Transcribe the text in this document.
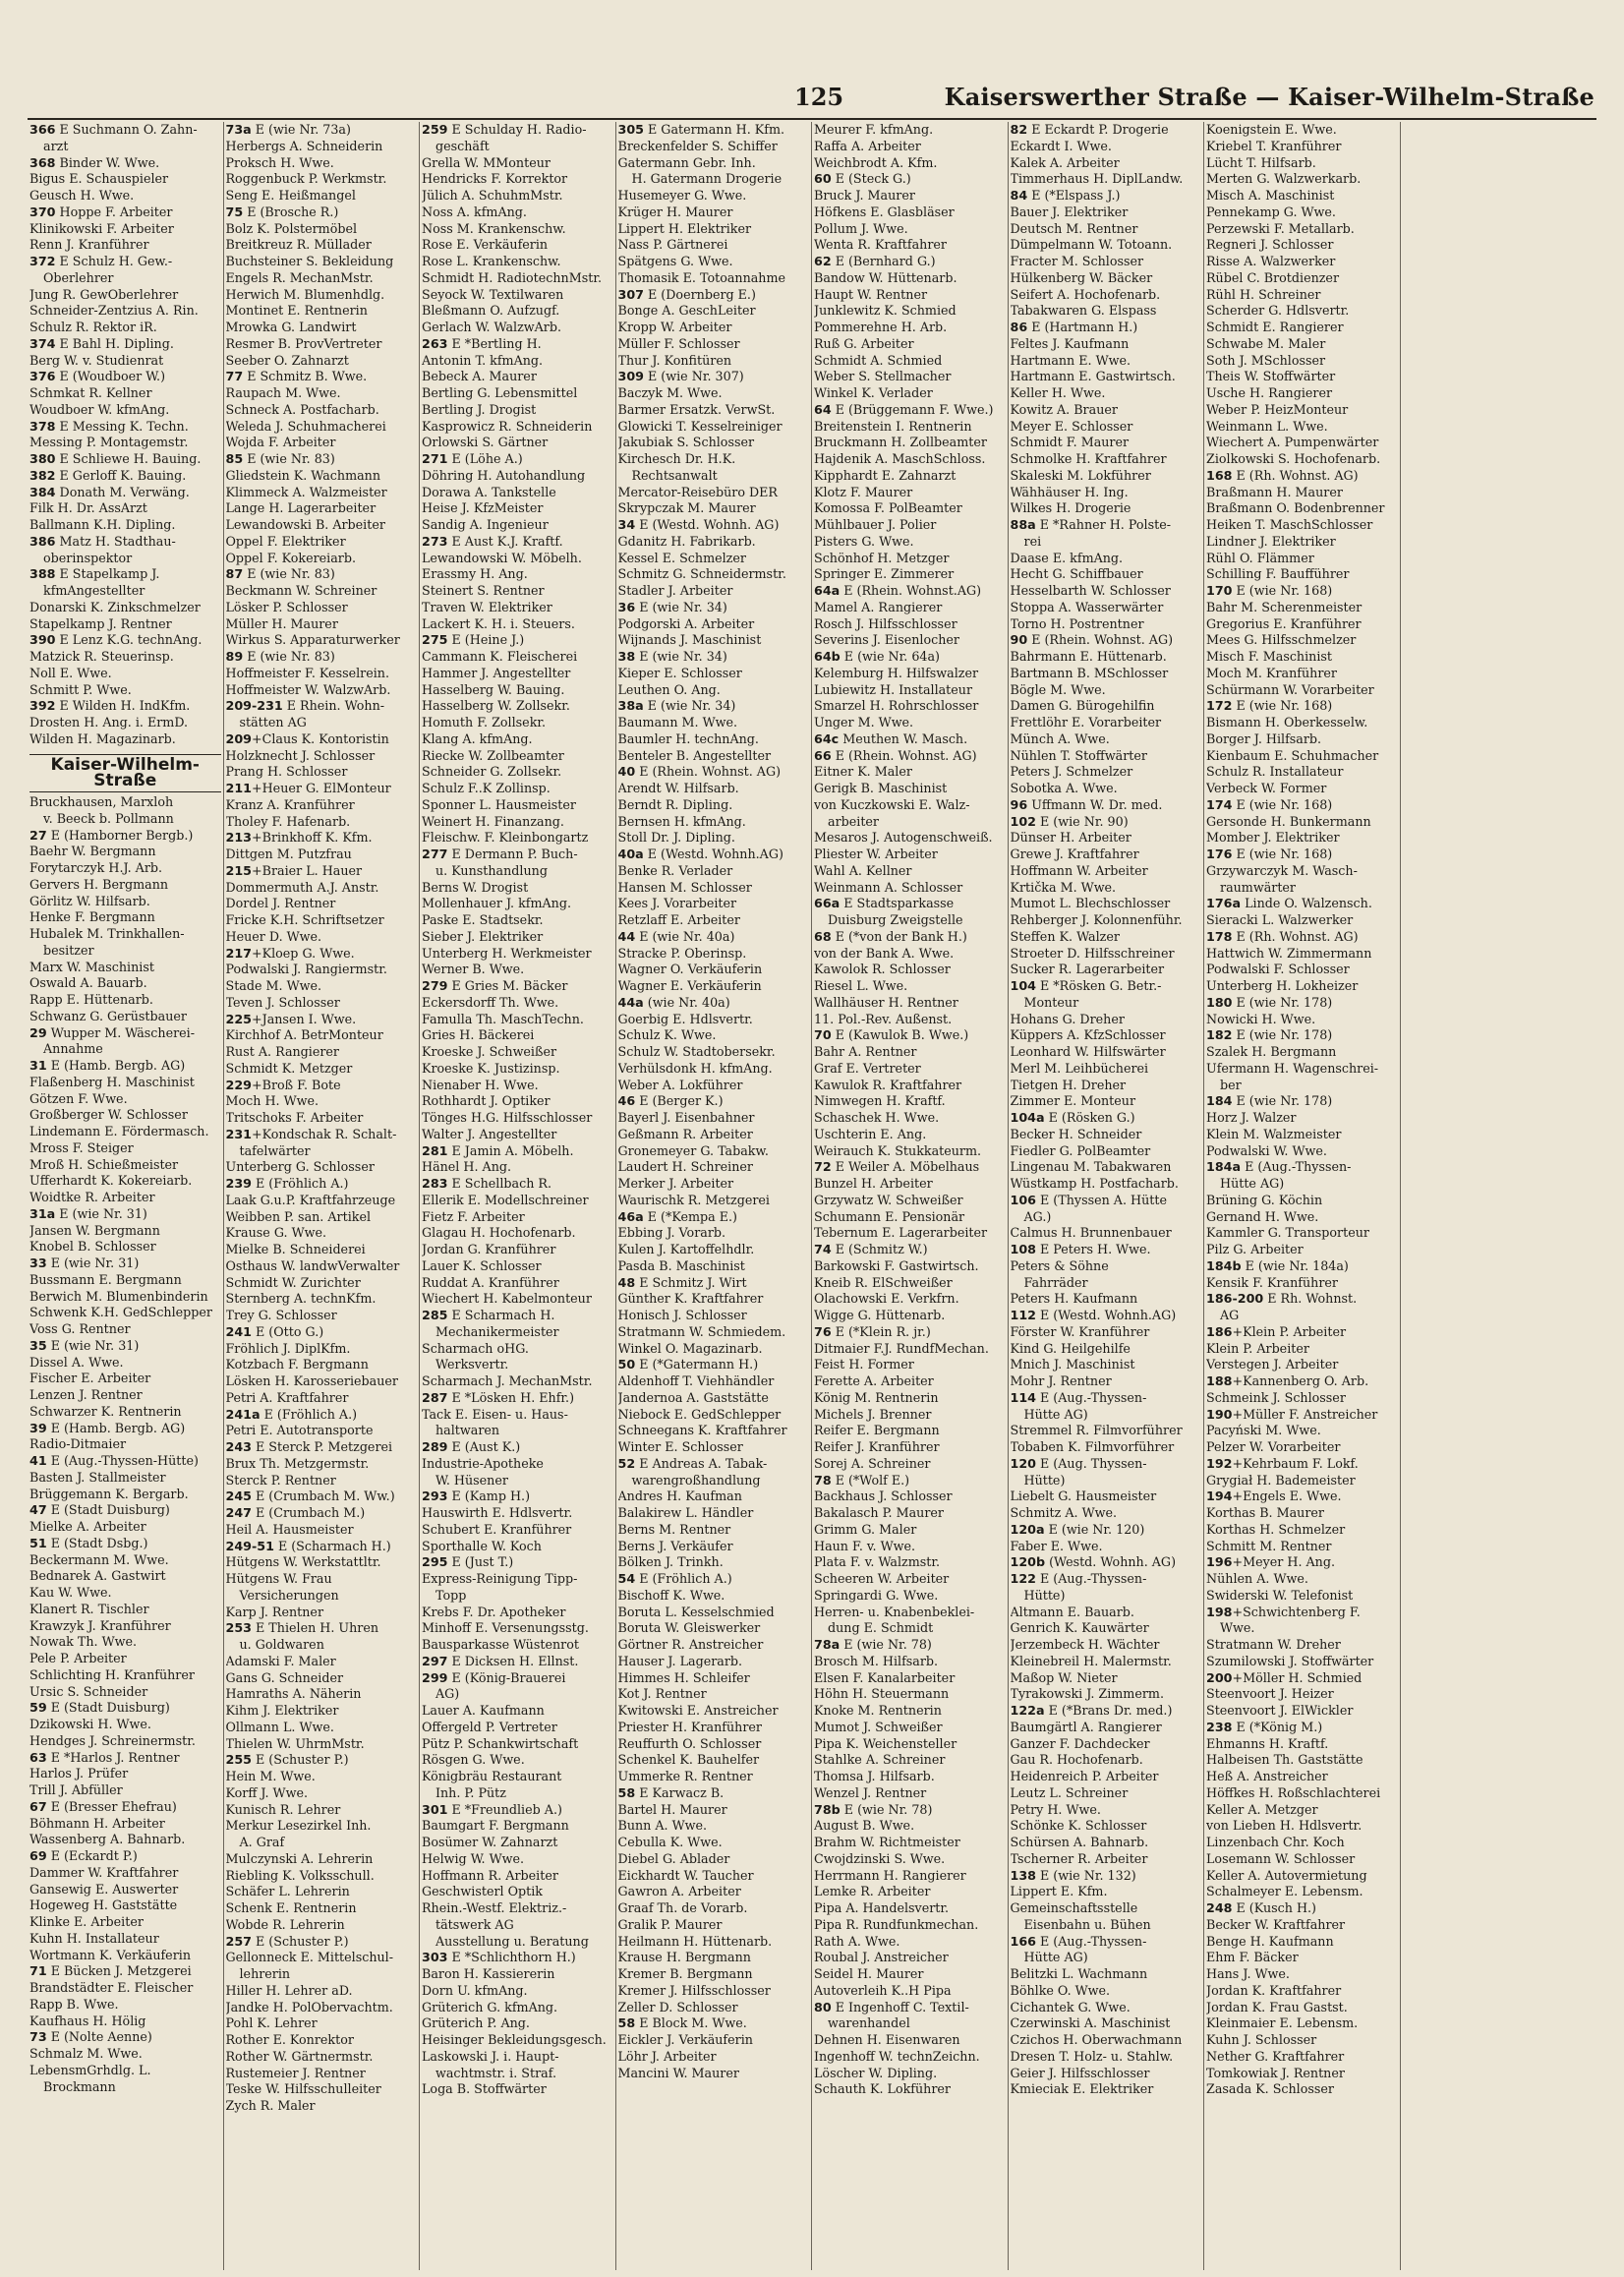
125	Kaiserswerther Straße — Kaiser-Wilhelm-Straße
366 E Suchmann O. Zahn-
arzt
368 Binder W. Wwe.
Bigus E. Schauspieler
Geusch H. Wwe.
370 Hoppe F. Arbeiter
Klinikowski F. Arbeiter
Renn J. Kranführer
372 E Schulz H. Gew.-
Oberlehrer
Jung R. GewOberlehrer
Schneider-Zentzius A. Rin.
Schulz R. Rektor iR.
374 E Bahl H. Dipling.
Berg W. v. Studienrat
376 E (Woudboer W.)
Schmkat R. Kellner
Woudboer W. kfmAng.
378 E Messing K. Techn.
Messing P. Montagemstr.
380 E Schliewe H. Bauing.
382 E Gerloff K. Bauing.
384 Donath M. Verwäng.
Filk H. Dr. AssArzt
Ballmann K.H. Dipling.
386 Matz H. Stadthau-
oberinspektor
388 E Stapelkamp J.
kfmAngestellter
Donarski K. Zinkschmelzer
Stapelkamp J. Rentner
390 E Lenz K.G. technAng.
Matzick R. Steuerinsp.
Noll E. Wwe.
Schmitt P. Wwe.
392 E Wilden H. IndKfm.
Drosten H. Ang. i. ErmD.
Wilden H. Magazinarb.
Kaiser-Wilhelm-Straße
Bruckhausen, Marxloh
v. Beeck b. Pollmann
27 E (Hamborner Bergb.)
Baehr W. Bergmann
Forytarczyk H.J. Arb.
Gervers H. Bergmann
Görlitz W. Hilfsarb.
Henke F. Bergmann
Hubalek M. Trinkhallen-
besitzer
Marx W. Maschinist
Oswald A. Bauarb.
Rapp E. Hüttenarb.
Schwanz G. Gerüstbauer
29 Wupper M. Wäscherei-
Annahme
31 E (Hamb. Bergb. AG)
Flaßenberg H. Maschinist
Götzen F. Wwe.
Großberger W. Schlosser
Lindemann E. Fördermasch.
Mross F. Steiger
Mroß H. Schießmeister
Ufferhardt K. Kokereiarb.
Woidtke R. Arbeiter
31a E (wie Nr. 31)
Jansen W. Bergmann
Knobel B. Schlosser
33 E (wie Nr. 31)
Bussmann E. Bergmann
Berwich M. Blumenbinderin
Schwenk K.H. GedSchlepper
Voss G. Rentner
35 E (wie Nr. 31)
Dissel A. Wwe.
Fischer E. Arbeiter
Lenzen J. Rentner
Schwarzer K. Rentnerin
39 E (Hamb. Bergb. AG)
Radio-Ditmaier
41 E (Aug.-Thyssen-Hütte)
Basten J. Stallmeister
Brüggemann K. Bergarb.
47 E (Stadt Duisburg)
Mielke A. Arbeiter
51 E (Stadt Dsbg.)
Beckermann M. Wwe.
Bednarek A. Gastwirt
Kau W. Wwe.
Klanert R. Tischler
Krawzyk J. Kranführer
Nowak Th. Wwe.
Pele P. Arbeiter
Schlichting H. Kranführer
Ursic S. Schneider
59 E (Stadt Duisburg)
Dzikowski H. Wwe.
Hendges J. Schreinermstr.
63 E *Harlos J. Rentner
Harlos J. Prüfer
Trill J. Abfüller
67 E (Bresser Ehefrau)
Böhmann H. Arbeiter
Wassenberg A. Bahnarb.
69 E (Eckardt P.)
Dammer W. Kraftfahrer
Gansewig E. Auswerter
Hogeweg H. Gaststätte
Klinke E. Arbeiter
Kuhn H. Installateur
Wortmann K. Verkäuferin
71 E Bücken J. Metzgerei
Brandstädter E. Fleischer
Rapp B. Wwe.
Kaufhaus H. Hölig
73 E (Nolte Aenne)
Schmalz M. Wwe.
LebensmGrhdlg. L.
Brockmann
73a E (wie Nr. 73a)
Herbergs A. Schneiderin
Proksch H. Wwe.
Roggenbuck P. Werkmstr.
Seng E. Heißmangel
75 E (Brosche R.)
Bolz K. Polstermöbel
Breitkreuz R. Müllader
Buchsteiner S. Bekleidung
Engels R. MechanMstr.
Herwich M. Blumenhdlg.
Montinet E. Rentnerin
Mrowka G. Landwirt
Resmer B. ProvVertreter
Seeber O. Zahnarzt
77 E Schmitz B. Wwe.
Raupach M. Wwe.
Schneck A. Postfacharb.
Weleda J. Schuhmacherei
Wojda F. Arbeiter
85 E (wie Nr. 83)
Gliedstein K. Wachmann
Klimmeck A. Walzmeister
Lange H. Lagerarbeiter
Lewandowski B. Arbeiter
Oppel F. Elektriker
Oppel F. Kokereiarb.
87 E (wie Nr. 83)
Beckmann W. Schreiner
Lösker P. Schlosser
Müller H. Maurer
Wirkus S. Apparaturwerker
89 E (wie Nr. 83)
Hoffmeister F. Kesselrein.
Hoffmeister W. WalzwArb.
209-231 E Rhein. Wohn-
stätten AG
209+Claus K. Kontoristin
Holzknecht J. Schlosser
Prang H. Schlosser
211+Heuer G. ElMonteur
Kranz A. Kranführer
Tholey F. Hafenarb.
213+Brinkhoff K. Kfm.
Dittgen M. Putzfrau
215+Braier L. Hauer
Dommermuth A.J. Anstr.
Dordel J. Rentner
Fricke K.H. Schriftsetzer
Heuer D. Wwe.
217+Kloep G. Wwe.
Podwalski J. Rangiermstr.
Stade M. Wwe.
Teven J. Schlosser
225+Jansen I. Wwe.
Kirchhof A. BetrMonteur
Rust A. Rangierer
Schmidt K. Metzger
229+Broß F. Bote
Moch H. Wwe.
Tritschoks F. Arbeiter
231+Kondschak R. Schalt-
tafelwärter
Unterberg G. Schlosser
239 E (Fröhlich A.)
Laak G.u.P. Kraftfahrzeuge
Weibben P. san. Artikel
Krause G. Wwe.
Mielke B. Schneiderei
Osthaus W. landwVerwalter
Schmidt W. Zurichter
Sternberg A. technKfm.
Trey G. Schlosser
241 E (Otto G.)
Fröhlich J. DiplKfm.
Kotzbach F. Bergmann
Lösken H. Karosseriebauer
Petri A. Kraftfahrer
241a E (Fröhlich A.)
Petri E. Autotransporte
243 E Sterck P. Metzgerei
Brux Th. Metzgermstr.
Sterck P. Rentner
245 E (Crumbach M. Ww.)
247 E (Crumbach M.)
Heil A. Hausmeister
249-51 E (Scharmach H.)
Hütgens W. Werkstattltr.
Hütgens W. Frau
Versicherungen
Karp J. Rentner
253 E Thielen H. Uhren
u. Goldwaren
Adamski F. Maler
Gans G. Schneider
Hamraths A. Näherin
Kihm J. Elektriker
Ollmann L. Wwe.
Thielen W. UhrmMstr.
255 E (Schuster P.)
Hein M. Wwe.
Korff J. Wwe.
Kunisch R. Lehrer
Merkur Lesezirkel Inh.
A. Graf
Mulczynski A. Lehrerin
Riebling K. Volksschull.
Schäfer L. Lehrerin
Schenk E. Rentnerin
Wobde R. Lehrerin
257 E (Schuster P.)
Gellonneck E. Mittelschul-
lehrerin
Hiller H. Lehrer aD.
Jandke H. PolObervachtm.
Pohl K. Lehrer
Rother E. Konrektor
Rother W. Gärtnermstr.
Rustemeier J. Rentner
Teske W. Hilfsschulleiter
Zych R. Maler
259 E Schulday H. Radio-
geschäft
Grella W. MMonteur
Hendricks F. Korrektor
Jülich A. SchuhmMstr.
Noss A. kfmAng.
Noss M. Krankenschw.
Rose E. Verkäuferin
Rose L. Krankenschw.
Schmidt H. RadiotechnMstr.
Seyock W. Textilwaren
Bleßmann O. Aufzugf.
Gerlach W. WalzwArb.
263 E *Bertling H.
Antonin T. kfmAng.
Bebeck A. Maurer
Bertling G. Lebensmittel
Bertling J. Drogist
Kasprowicz R. Schneiderin
Orlowski S. Gärtner
271 E (Löhe A.)
Döhring H. Autohandlung
Dorawa A. Tankstelle
Heise J. KfzMeister
Sandig A. Ingenieur
273 E Aust K.J. Kraftf.
Lewandowski W. Möbelh.
Erassmy H. Ang.
Steinert S. Rentner
Traven W. Elektriker
Lackert K. H. i. Steuers.
275 E (Heine J.)
Cammann K. Fleischerei
Hammer J. Angestellter
Hasselberg W. Bauing.
Hasselberg W. Zollsekr.
Homuth F. Zollsekr.
Klang A. kfmAng.
Riecke W. Zollbeamter
Schneider G. Zollsekr.
Schulz F..K Zollinsp.
Sponner L. Hausmeister
Weinert H. Finanzang.
Fleischw. F. Kleinbongartz
277 E Dermann P. Buch-
u. Kunsthandlung
Berns W. Drogist
Mollenhauer J. kfmAng.
Paske E. Stadtsekr.
Sieber J. Elektriker
Unterberg H. Werkmeister
Werner B. Wwe.
279 E Gries M. Bäcker
Eckersdorff Th. Wwe.
Famulla Th. MaschTechn.
Gries H. Bäckerei
Kroeske J. Schweißer
Kroeske K. Justizinsp.
Nienaber H. Wwe.
Rothhardt J. Optiker
Tönges H.G. Hilfsschlosser
Walter J. Angestellter
281 E Jamin A. Möbelh.
Hänel H. Ang.
283 E Schellbach R.
Ellerik E. Modellschreiner
Fietz F. Arbeiter
Glagau H. Hochofenarb.
Jordan G. Kranführer
Lauer K. Schlosser
Ruddat A. Kranführer
Wiechert H. Kabelmonteur
285 E Scharmach H.
Mechanikermeister
Scharmach oHG.
Werksvertr.
Scharmach J. MechanMstr.
287 E *Lösken H. Ehfr.)
Tack E. Eisen- u. Haus-
haltwaren
289 E (Aust K.)
Industrie-Apotheke
W. Hüsener
293 E (Kamp H.)
Hauswirth E. Hdlsvertr.
Schubert E. Kranführer
Sporthalle W. Koch
295 E (Just T.)
Express-Reinigung Tipp-
Topp
Krebs F. Dr. Apotheker
Minhoff E. Versenungsstg.
Bausparkasse Wüstenrot
297 E Dicksen H. Ellnst.
299 E (König-Brauerei
AG)
Lauer A. Kaufmann
Offergeld P. Vertreter
Pütz P. Schankwirtschaft
Rösgen G. Wwe.
Königbräu Restaurant
Inh. P. Pütz
301 E *Freundlieb A.)
Baumgart F. Bergmann
Bosümer W. Zahnarzt
Helwig W. Wwe.
Hoffmann R. Arbeiter
Geschwisterl Optik
Rhein.-Westf. Elektriz.-
tätswerk AG
Ausstellung u. Beratung
303 E *Schlichthorn H.)
Baron H. Kassiererin
Dorn U. kfmAng.
Grüterich G. kfmAng.
Grüterich P. Ang.
Heisinger Bekleidungsgesch.
Laskowski J. i. Haupt-
wachtmstr. i. Straf.
Loga B. Stoffwärter
305 E Gatermann H. Kfm.
Breckenfelder S. Schiffer
Gatermann Gebr. Inh.
H. Gatermann Drogerie
Husemeyer G. Wwe.
Krüger H. Maurer
Lippert H. Elektriker
Nass P. Gärtnerei
Spätgens G. Wwe.
Thomasik E. Totoannahme
307 E (Doernberg E.)
Bonge A. GeschLeiter
Kropp W. Arbeiter
Müller F. Schlosser
Thur J. Konfitüren
309 E (wie Nr. 307)
Baczyk M. Wwe.
Barmer Ersatzk. VerwSt.
Glowicki T. Kesselreiniger
Jakubiak S. Schlosser
Kirchesch Dr. H.K.
Rechtsanwalt
Mercator-Reisebüro DER
Skrypczak M. Maurer
34 E (Westd. Wohnh. AG)
Gdanitz H. Fabrikarb.
Kessel E. Schmelzer
Schmitz G. Schneidermstr.
Stadler J. Arbeiter
36 E (wie Nr. 34)
Podgorski A. Arbeiter
Wijnands J. Maschinist
38 E (wie Nr. 34)
Kieper E. Schlosser
Leuthen O. Ang.
38a E (wie Nr. 34)
Baumann M. Wwe.
Baumler H. technAng.
Benteler B. Angestellter
40 E (Rhein. Wohnst. AG)
Arendt W. Hilfsarb.
Berndt R. Dipling.
Bernsen H. kfmAng.
Stoll Dr. J. Dipling.
40a E (Westd. Wohnh.AG)
Benke R. Verlader
Hansen M. Schlosser
Kees J. Vorarbeiter
Retzlaff E. Arbeiter
44 E (wie Nr. 40a)
Stracke P. Oberinsp.
Wagner O. Verkäuferin
Wagner E. Verkäuferin
44a (wie Nr. 40a)
Goerbig E. Hdlsvertr.
Schulz K. Wwe.
Schulz W. Stadtobersekr.
Verhülsdonk H. kfmAng.
Weber A. Lokführer
46 E (Berger K.)
Bayerl J. Eisenbahner
Geßmann R. Arbeiter
Gronemeyer G. Tabakw.
Laudert H. Schreiner
Merker J. Arbeiter
Waurischk R. Metzgerei
46a E (*Kempa E.)
Ebbing J. Vorarb.
Kulen J. Kartoffelhdlr.
Pasda B. Maschinist
48 E Schmitz J. Wirt
Günther K. Kraftfahrer
Honisch J. Schlosser
Stratmann W. Schmiedem.
Winkel O. Magazinarb.
50 E (*Gatermann H.)
Aldenhoff T. Viehhändler
Jandernoa A. Gaststätte
Niebock E. GedSchlepper
Schneegans K. Kraftfahrer
Winter E. Schlosser
52 E Andreas A. Tabak-
warengroßhandlung
Andres H. Kaufman
Balakirew L. Händler
Berns M. Rentner
Berns J. Verkäufer
Bölken J. Trinkh.
54 E (Fröhlich A.)
Bischoff K. Wwe.
Boruta L. Kesselschmied
Boruta W. Gleiswerker
Görtner R. Anstreicher
Hauser J. Lagerarb.
Himmes H. Schleifer
Kot J. Rentner
Kwitowski E. Anstreicher
Priester H. Kranführer
Reuffurth O. Schlosser
Schenkel K. Bauhelfer
Ummerke R. Rentner
58 E Karwacz B.
Bartel H. Maurer
Bunn A. Wwe.
Cebulla K. Wwe.
Diebel G. Ablader
Eickhardt W. Taucher
Gawron A. Arbeiter
Graaf Th. de Vorarb.
Gralik P. Maurer
Heilmann H. Hüttenarb.
Krause H. Bergmann
Kremer B. Bergmann
Kremer J. Hilfsschlosser
Zeller D. Schlosser
58 E Block M. Wwe.
Eickler J. Verkäuferin
Löhr J. Arbeiter
Mancini W. Maurer
Meurer F. kfmAng.
Raffa A. Arbeiter
Weichbrodt A. Kfm.
60 E (Steck G.)
Bruck J. Maurer
Höfkens E. Glasbläser
Pollum J. Wwe.
Wenta R. Kraftfahrer
62 E (Bernhard G.)
Bandow W. Hüttenarb.
Haupt W. Rentner
Junklewitz K. Schmied
Pommerehne H. Arb.
Ruß G. Arbeiter
Schmidt A. Schmied
Weber S. Stellmacher
Winkel K. Verlader
64 E (Brüggemann F. Wwe.)
Breitenstein I. Rentnerin
Bruckmann H. Zollbeamter
Hajdenik A. MaschSchloss.
Kipphardt E. Zahnarzt
Klotz F. Maurer
Komossa F. PolBeamter
Mühlbauer J. Polier
Pisters G. Wwe.
Schönhof H. Metzger
Springer E. Zimmerer
64a E (Rhein. Wohnst.AG)
Mamel A. Rangierer
Rosch J. Hilfsschlosser
Severins J. Eisenlocher
64b E (wie Nr. 64a)
Kelemburg H. Hilfswalzer
Lubiewitz H. Installateur
Smarzel H. Rohrschlosser
Unger M. Wwe.
64c Meuthen W. Masch.
66 E (Rhein. Wohnst. AG)
Eitner K. Maler
Gerigk B. Maschinist
von Kuczkowski E. Walz-
arbeiter
Mesaros J. Autogenschweiß.
Pliester W. Arbeiter
Wahl A. Kellner
Weinmann A. Schlosser
66a E Stadtsparkasse
Duisburg Zweigstelle
68 E (*von der Bank H.)
von der Bank A. Wwe.
Kawolok R. Schlosser
Riesel L. Wwe.
Wallhäuser H. Rentner
11. Pol.-Rev. Außenst.
70 E (Kawulok B. Wwe.)
Bahr A. Rentner
Graf E. Vertreter
Kawulok R. Kraftfahrer
Nimwegen H. Kraftf.
Schaschek H. Wwe.
Uschterin E. Ang.
Weirauch K. Stukkateurm.
72 E Weiler A. Möbelhaus
Bunzel H. Arbeiter
Grzywatz W. Schweißer
Schumann E. Pensionär
Tebernum E. Lagerarbeiter
74 E (Schmitz W.)
Barkowski F. Gastwirtsch.
Kneib R. ElSchweißer
Olachowski E. Verkfrn.
Wigge G. Hüttenarb.
76 E (*Klein R. jr.)
Ditmaier F.J. RundfMechan.
Feist H. Former
Ferette A. Arbeiter
König M. Rentnerin
Michels J. Brenner
Reifer E. Bergmann
Reifer J. Kranführer
Sorej A. Schreiner
78 E (*Wolf E.)
Backhaus J. Schlosser
Bakalasch P. Maurer
Grimm G. Maler
Haun F. v. Wwe.
Plata F. v. Walzmstr.
Scheeren W. Arbeiter
Springardi G. Wwe.
Herren- u. Knabenbeklei-
dung E. Schmidt
78a E (wie Nr. 78)
Brosch M. Hilfsarb.
Elsen F. Kanalarbeiter
Höhn H. Steuermann
Knoke M. Rentnerin
Mumot J. Schweißer
Pipa K. Weichensteller
Stahlke A. Schreiner
Thomsa J. Hilfsarb.
Wenzel J. Rentner
78b E (wie Nr. 78)
August B. Wwe.
Brahm W. Richtmeister
Cwojdzinski S. Wwe.
Herrmann H. Rangierer
Lemke R. Arbeiter
Pipa A. Handelsvertr.
Pipa R. Rundfunkmechan.
Rath A. Wwe.
Roubal J. Anstreicher
Seidel H. Maurer
Autoverleih K..H Pipa
80 E Ingenhoff C. Textil-
warenhandel
Dehnen H. Eisenwaren
Ingenhoff W. technZeichn.
Löscher W. Dipling.
Schauth K. Lokführer
82 E Eckardt P. Drogerie
Eckardt I. Wwe.
Kalek A. Arbeiter
Timmerhaus H. DiplLandw.
84 E (*Elspass J.)
Bauer J. Elektriker
Deutsch M. Rentner
Dümpelmann W. Totoann.
Fracter M. Schlosser
Hülkenberg W. Bäcker
Seifert A. Hochofenarb.
Tabakwaren G. Elspass
86 E (Hartmann H.)
Feltes J. Kaufmann
Hartmann E. Wwe.
Hartmann E. Gastwirtsch.
Keller H. Wwe.
Kowitz A. Brauer
Meyer E. Schlosser
Schmidt F. Maurer
Schmolke H. Kraftfahrer
Skaleski M. Lokführer
Wähhäuser H. Ing.
Wilkes H. Drogerie
88a E *Rahner H. Polste-
rei
Daase E. kfmAng.
Hecht G. Schiffbauer
Hesselbarth W. Schlosser
Stoppa A. Wasserwärter
Torno H. Postrentner
90 E (Rhein. Wohnst. AG)
Bahrmann E. Hüttenarb.
Bartmann B. MSchlosser
Bögle M. Wwe.
Damen G. Bürogehilfin
Frettlöhr E. Vorarbeiter
Münch A. Wwe.
Nühlen T. Stoffwärter
Peters J. Schmelzer
Sobotka A. Wwe.
96 Uffmann W. Dr. med.
102 E (wie Nr. 90)
Dünser H. Arbeiter
Grewe J. Kraftfahrer
Hoffmann W. Arbeiter
Krtička M. Wwe.
Mumot L. Blechschlosser
Rehberger J. Kolonnenführ.
Steffen K. Walzer
Stroeter D. Hilfsschreiner
Sucker R. Lagerarbeiter
104 E *Rösken G. Betr.-
Monteur
Hohans G. Dreher
Küppers A. KfzSchlosser
Leonhard W. Hilfswärter
Merl M. Leihbücherei
Tietgen H. Dreher
Zimmer E. Monteur
104a E (Rösken G.)
Becker H. Schneider
Fiedler G. PolBeamter
Lingenau M. Tabakwaren
Wüstkamp H. Postfacharb.
106 E (Thyssen A. Hütte
AG.)
Calmus H. Brunnenbauer
108 E Peters H. Wwe.
Peters & Söhne
Fahrräder
Peters H. Kaufmann
112 E (Westd. Wohnh.AG)
Förster W. Kranführer
Kind G. Heilgehilfe
Mnich J. Maschinist
Mohr J. Rentner
114 E (Aug.-Thyssen-
Hütte AG)
Stremmel R. Filmvorführer
Tobaben K. Filmvorführer
120 E (Aug. Thyssen-
Hütte)
Liebelt G. Hausmeister
Schmitz A. Wwe.
120a E (wie Nr. 120)
Faber E. Wwe.
120b (Westd. Wohnh. AG)
122 E (Aug.-Thyssen-
Hütte)
Altmann E. Bauarb.
Genrich K. Kauwärter
Jerzembeck H. Wächter
Kleinebreil H. Malermstr.
Maßop W. Nieter
Tyrakowski J. Zimmerm.
122a E (*Brans Dr. med.)
Baumgärtl A. Rangierer
Ganzer F. Dachdecker
Gau R. Hochofenarb.
Heidenreich P. Arbeiter
Leutz L. Schreiner
Petry H. Wwe.
Schönke K. Schlosser
Schürsen A. Bahnarb.
Tscherner R. Arbeiter
138 E (wie Nr. 132)
Lippert E. Kfm.
Gemeinschaftsstelle
Eisenbahn u. Bühen
166 E (Aug.-Thyssen-
Hütte AG)
Belitzki L. Wachmann
Böhlke O. Wwe.
Cichantek G. Wwe.
Czerwinski A. Maschinist
Czichos H. Oberwachmann
Dresen T. Holz- u. Stahlw.
Geier J. Hilfsschlosser
Kmieciak E. Elektriker
Koenigstein E. Wwe.
Kriebel T. Kranführer
Lücht T. Hilfsarb.
Merten G. Walzwerkarb.
Misch A. Maschinist
Pennekamp G. Wwe.
Perzewski F. Metallarb.
Regneri J. Schlosser
Risse A. Walzwerker
Rübel C. Brotdienzer
Rühl H. Schreiner
Scherder G. Hdlsvertr.
Schmidt E. Rangierer
Schwabe M. Maler
Soth J. MSchlosser
Theis W. Stoffwärter
Usche H. Rangierer
Weber P. HeizMonteur
Weinmann L. Wwe.
Wiechert A. Pumpenwärter
Ziolkowski S. Hochofenarb.
168 E (Rh. Wohnst. AG)
Braßmann H. Maurer
Braßmann O. Bodenbrenner
Heiken T. MaschSchlosser
Lindner J. Elektriker
Rühl O. Flämmer
Schilling F. Baufführer
170 E (wie Nr. 168)
Bahr M. Scherenmeister
Gregorius E. Kranführer
Mees G. Hilfsschmelzer
Misch F. Maschinist
Moch M. Kranführer
Schürmann W. Vorarbeiter
172 E (wie Nr. 168)
Bismann H. Oberkesselw.
Borger J. Hilfsarb.
Kienbaum E. Schuhmacher
Schulz R. Installateur
Verbeck W. Former
174 E (wie Nr. 168)
Gersonde H. Bunkermann
Momber J. Elektriker
176 E (wie Nr. 168)
Grzywarczyk M. Wasch-
raumwärter
176a Linde O. Walzensch.
Sieracki L. Walzwerker
178 E (Rh. Wohnst. AG)
Hattwich W. Zimmermann
Podwalski F. Schlosser
Unterberg H. Lokheizer
180 E (wie Nr. 178)
Nowicki H. Wwe.
182 E (wie Nr. 178)
Szalek H. Bergmann
Ufermann H. Wagenschrei-
ber
184 E (wie Nr. 178)
Horz J. Walzer
Klein M. Walzmeister
Podwalski W. Wwe.
184a E (Aug.-Thyssen-
Hütte AG)
Brüning G. Köchin
Gernand H. Wwe.
Kammler G. Transporteur
Pilz G. Arbeiter
184b E (wie Nr. 184a)
Kensik F. Kranführer
186-200 E Rh. Wohnst.
AG
186+Klein P. Arbeiter
Klein P. Arbeiter
Verstegen J. Arbeiter
188+Kannenberg O. Arb.
Schmeink J. Schlosser
190+Müller F. Anstreicher
Pacyński M. Wwe.
Pelzer W. Vorarbeiter
192+Kehrbaum F. Lokf.
Grygiał H. Bademeister
194+Engels E. Wwe.
Korthas B. Maurer
Korthas H. Schmelzer
Schmitt M. Rentner
196+Meyer H. Ang.
Nühlen A. Wwe.
Swiderski W. Telefonist
198+Schwichtenberg F.
Wwe.
Stratmann W. Dreher
Szumilowski J. Stoffwärter
200+Möller H. Schmied
Steenvoort J. Heizer
Steenvoort J. ElWickler
238 E (*König M.)
Ehmanns H. Kraftf.
Halbeisen Th. Gaststätte
Heß A. Anstreicher
Höffkes H. Roßschlachterei
Keller A. Metzger
von Lieben H. Hdlsvertr.
Linzenbach Chr. Koch
Losemann W. Schlosser
Keller A. Autovermietung
Schalmeyer E. Lebensm.
248 E (Kusch H.)
Becker W. Kraftfahrer
Benge H. Kaufmann
Ehm F. Bäcker
Hans J. Wwe.
Jordan K. Kraftfahrer
Jordan K. Frau Gastst.
Kleinmaier E. Lebensm.
Kuhn J. Schlosser
Nether G. Kraftfahrer
Tomkowiak J. Rentner
Zasada K. Schlosser
